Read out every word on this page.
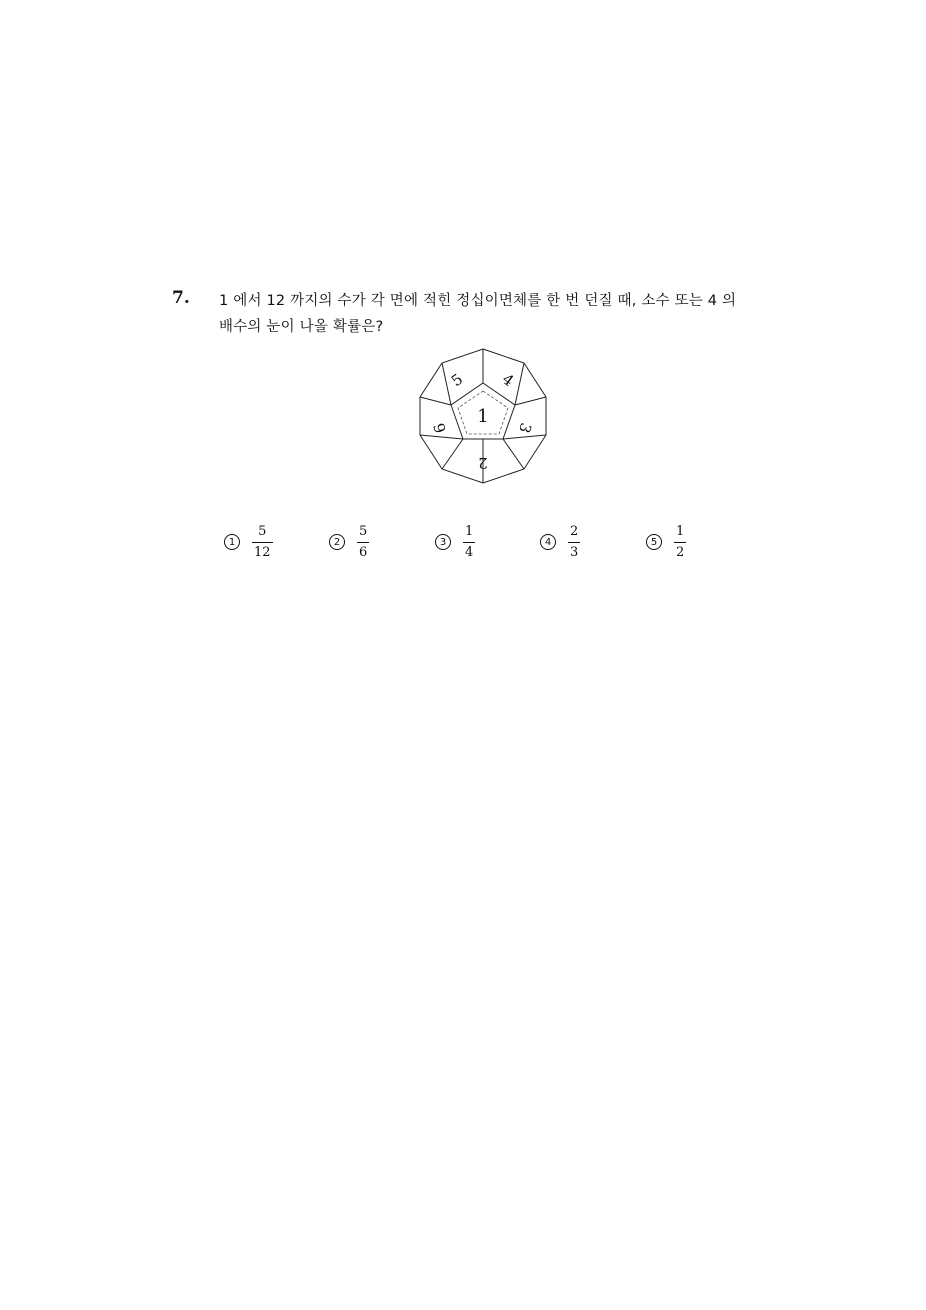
7. 1 에서 12 까지의 수가 각 면에 적힌 정십이면체를 한 번 던질 때, 소수 또는 4 의
배수의 눈이 나올 확률은?
1
2
3
4
5
6
1	$\frac{5}{12}$	2	$\frac{5}{6}$	3	$\frac{1}{4}$	4	$\frac{2}{3}$	5	$\frac{1}{2}$
